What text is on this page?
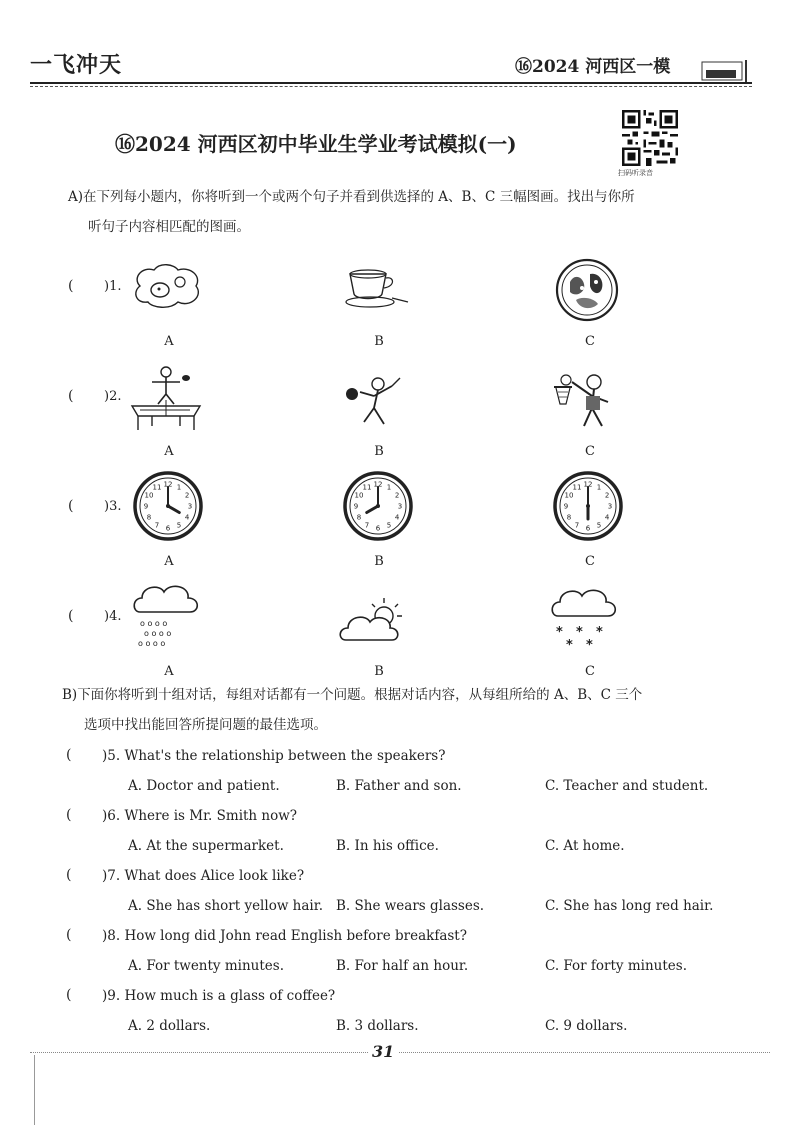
一飞冲天	⑯2024 河西区一模
⑯2024 河西区初中毕业生学业考试模拟(一)
扫码听录音
A)在下列每小题内，你将听到一个或两个句子并看到供选择的 A、B、C 三幅图画。找出与你所
听句子内容相匹配的图画。
( )1.
A	B	C
( )2.
A	B	C
( )3.
12 1
2
3
4
5
6
7
8
9
10
11	12 1
2
3
4
5
6
7
8
9
10
11	12 1
2
3
4
5
6
7
8
9
10
11
A	B	C
( )4. o o o o
o o o o
o o o o
* * *
* *
A	B	C
B)下面你将听到十组对话，每组对话都有一个问题。根据对话内容，从每组所给的 A、B、C 三个
选项中找出能回答所提问题的最佳选项。
( )5. What's the relationship between the speakers?
A. Doctor and patient.	B. Father and son.	C. Teacher and student.
( )6. Where is Mr. Smith now?
A. At the supermarket.	B. In his office.	C. At home.
( )7. What does Alice look like?
A. She has short yellow hair. B. She wears glasses.	C. She has long red hair.
( )8. How long did John read English before breakfast?
A. For twenty minutes.	B. For half an hour.	C. For forty minutes.
( )9. How much is a glass of coffee?
A. 2 dollars.	B. 3 dollars.	C. 9 dollars.
31
